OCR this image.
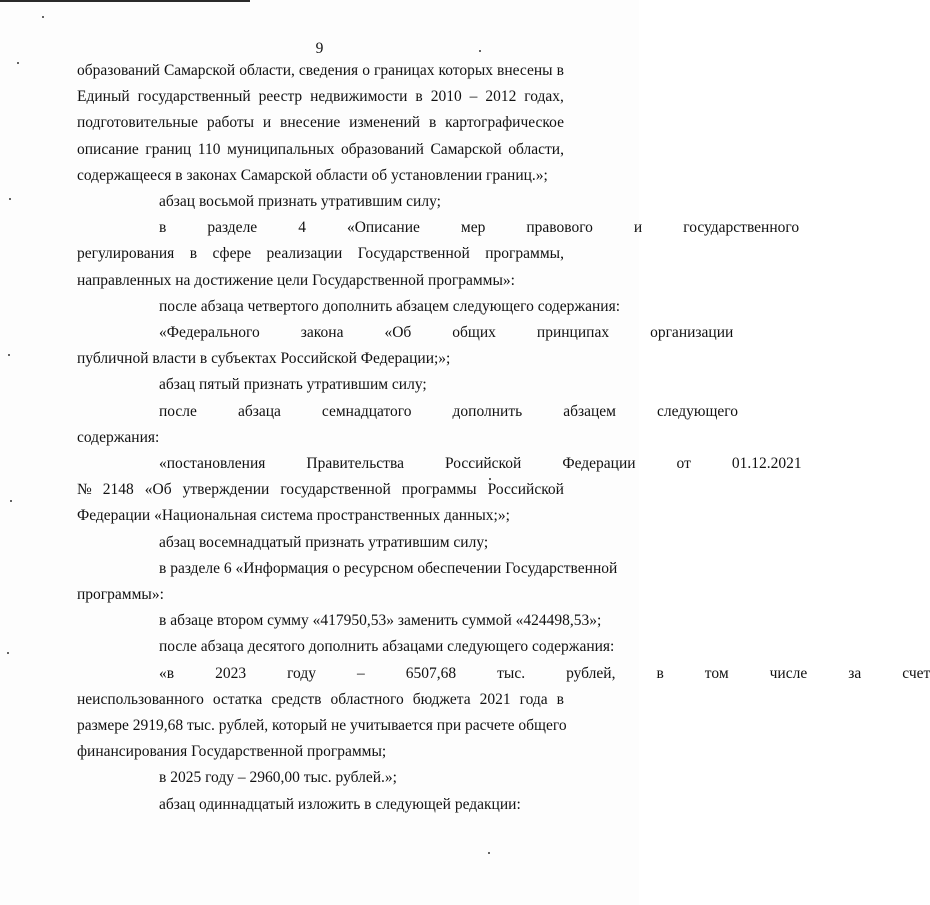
9
образований Самарской области, сведения о границах которых внесены в
Единый государственный реестр недвижимости в 2010 – 2012 годах,
подготовительные работы и внесение изменений в картографическое
описание границ 110 муниципальных образований Самарской области,
содержащееся в законах Самарской области об установлении границ.»;
абзац восьмой признать утратившим силу;
в	разделе	4	«Описание	мер	правового	и	государственного
регулирования в сфере реализации Государственной программы,
направленных на достижение цели Государственной программы»:
после абзаца четвертого дополнить абзацем следующего содержания:
«Федерального	закона	«Об	общих	принципах	организации
публичной власти в субъектах Российской Федерации;»;
абзац пятый признать утратившим силу;
после	абзаца	семнадцатого	дополнить	абзацем	следующего
содержания:
«постановления	Правительства	Российской	Федерации	от	01.12.2021
№ 2148 «Об утверждении государственной программы Российской
Федерации «Национальная система пространственных данных;»;
абзац восемнадцатый признать утратившим силу;
в разделе 6 «Информация о ресурсном обеспечении Государственной
программы»:
в абзаце втором сумму «417950,53» заменить суммой «424498,53»;
после абзаца десятого дополнить абзацами следующего содержания:
«в	2023	году	–	6507,68	тыс.	рублей,	в	том	числе	за	счет
неиспользованного остатка средств областного бюджета 2021 года в
размере 2919,68 тыс. рублей, который не учитывается при расчете общего
финансирования Государственной программы;
в 2025 году – 2960,00 тыс. рублей.»;
абзац одиннадцатый изложить в следующей редакции:
